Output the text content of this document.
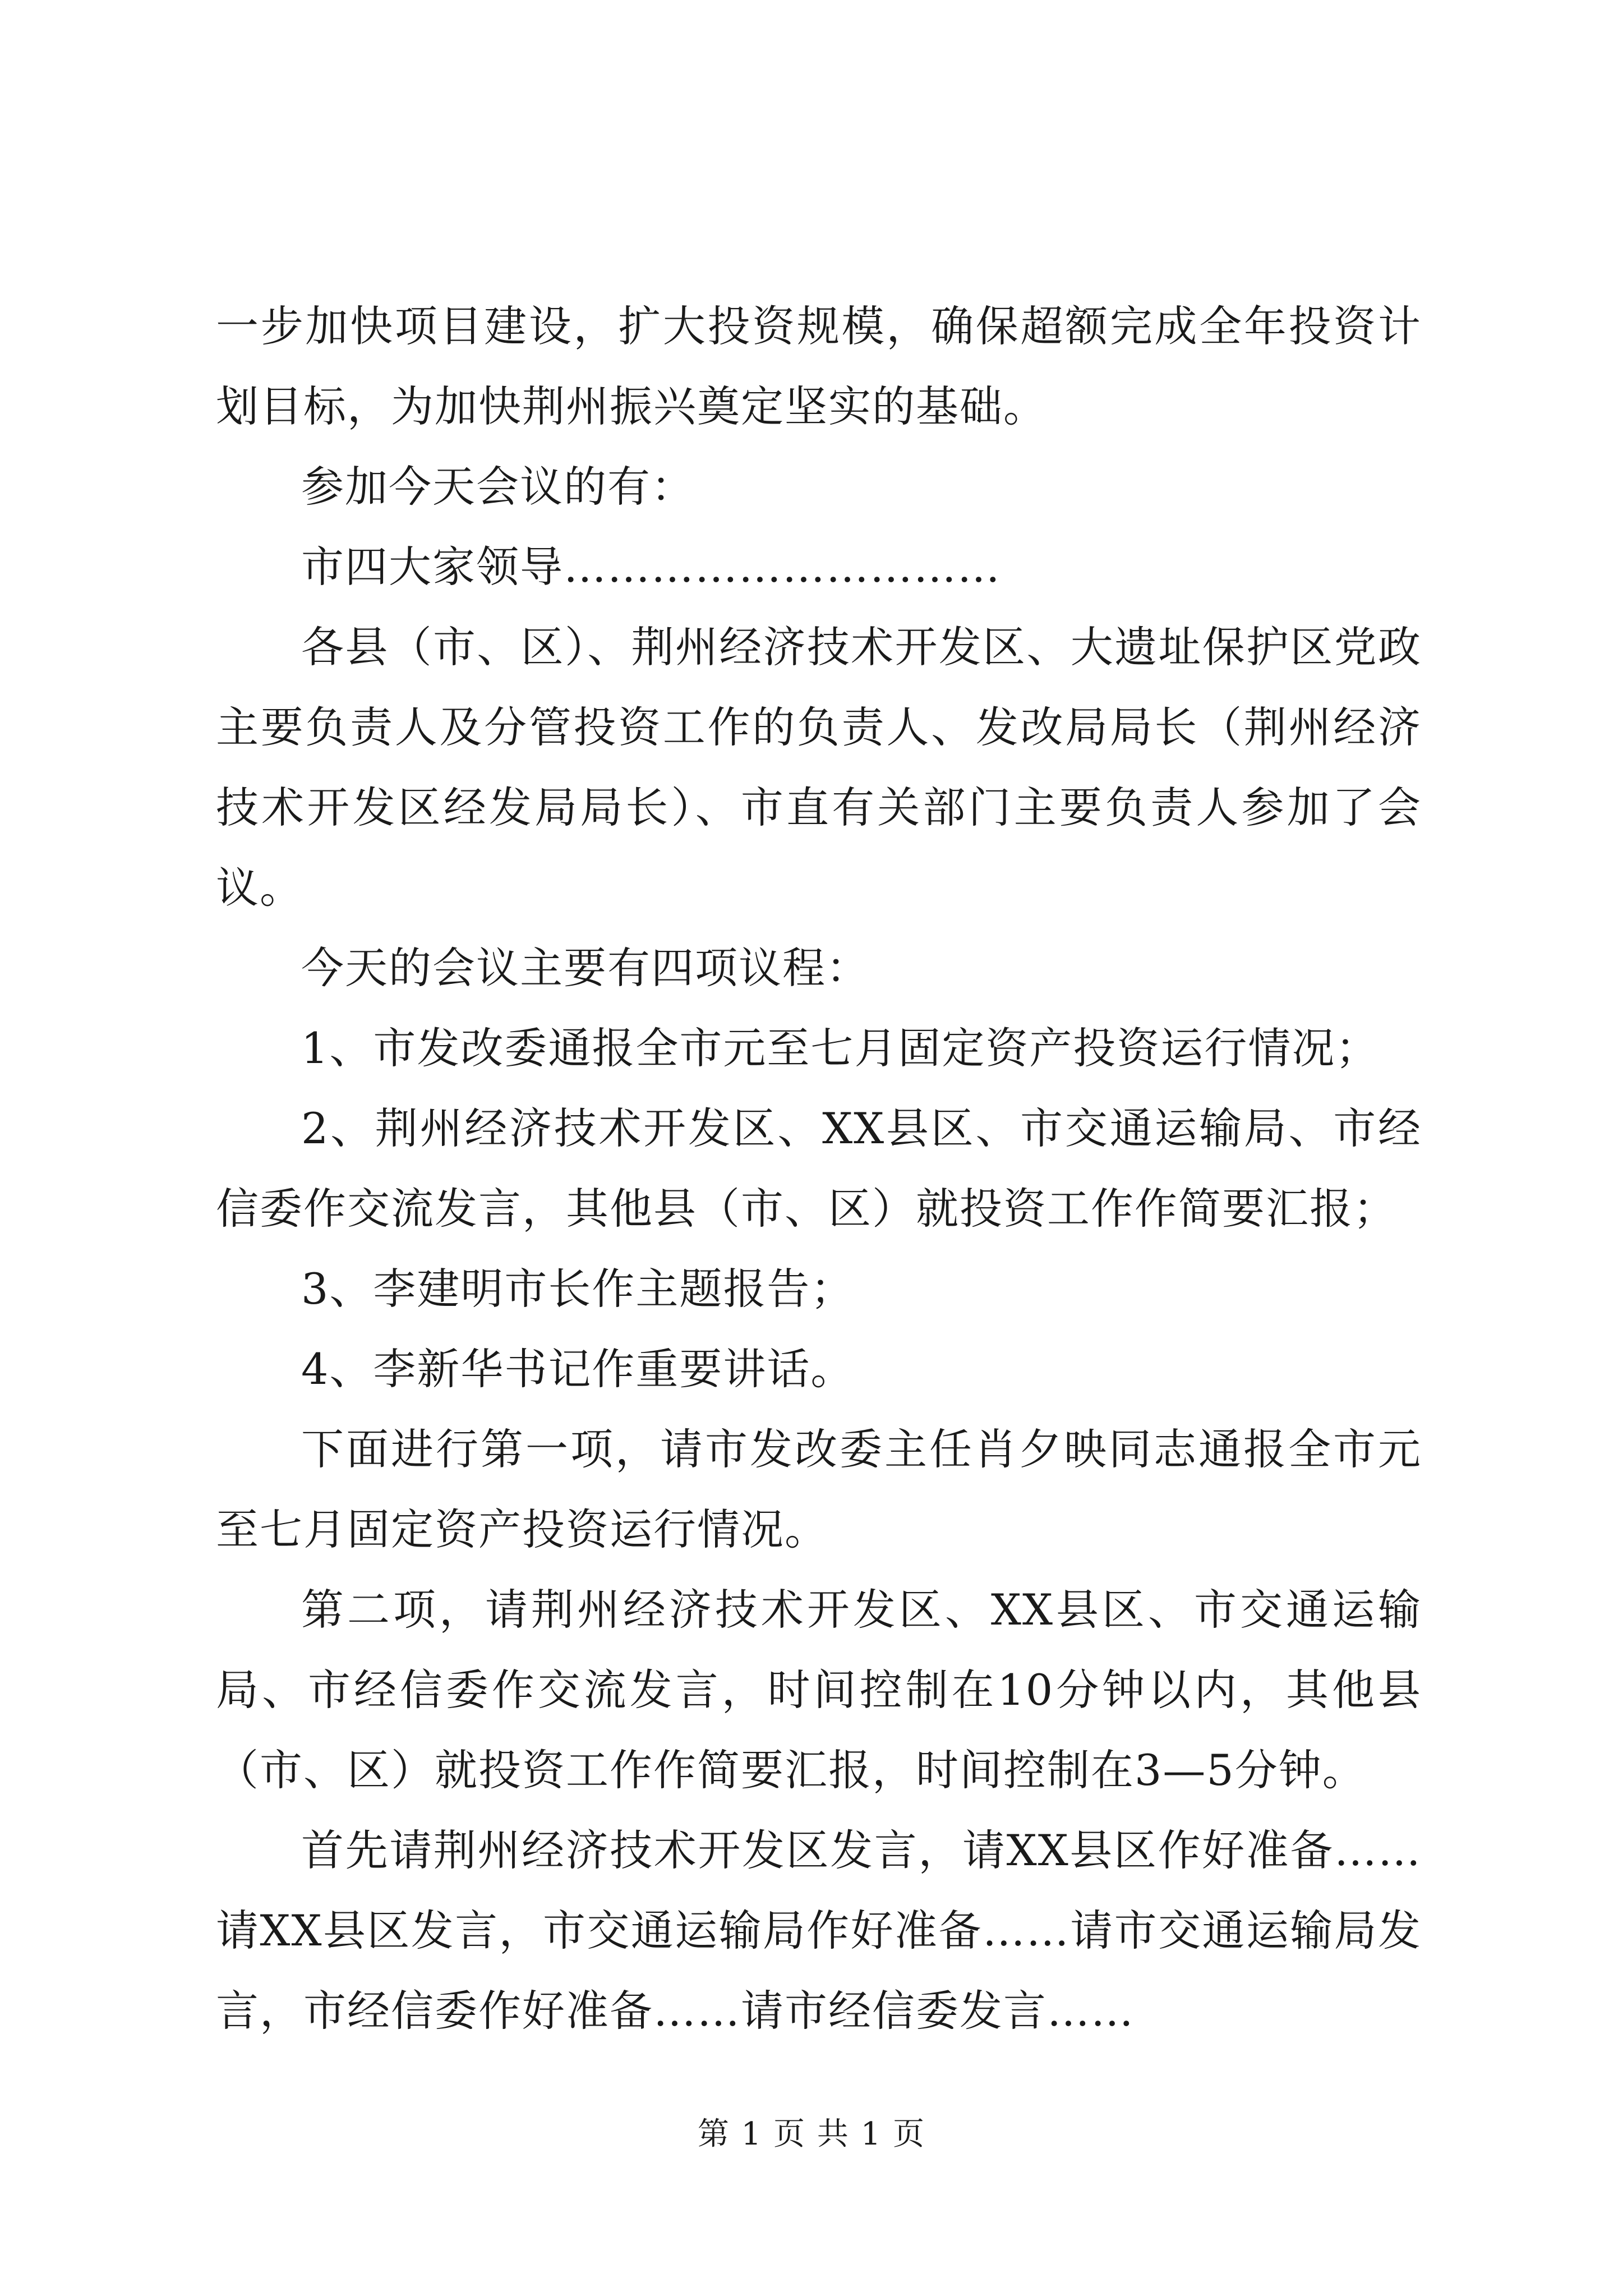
一步加快项目建设，扩大投资规模，确保超额完成全年投资计划目标，为加快荆州振兴奠定坚实的基础。

参加今天会议的有：

市四大家领导…………………………

各县（市、区）、荆州经济技术开发区、大遗址保护区党政主要负责人及分管投资工作的负责人、发改局局长（荆州经济技术开发区经发局局长）、市直有关部门主要负责人参加了会议。

今天的会议主要有四项议程：

1、市发改委通报全市元至七月固定资产投资运行情况；

2、荆州经济技术开发区、XX县区、市交通运输局、市经信委作交流发言，其他县（市、区）就投资工作作简要汇报；

3、李建明市长作主题报告；

4、李新华书记作重要讲话。

下面进行第一项，请市发改委主任肖夕映同志通报全市元至七月固定资产投资运行情况。

第二项，请荆州经济技术开发区、XX县区、市交通运输局、市经信委作交流发言，时间控制在10分钟以内，其他县（市、区）就投资工作作简要汇报，时间控制在3—5分钟。

首先请荆州经济技术开发区发言，请XX县区作好准备……请XX县区发言，市交通运输局作好准备……请市交通运输局发言，市经信委作好准备……请市经信委发言……

第 1 页 共 1 页
